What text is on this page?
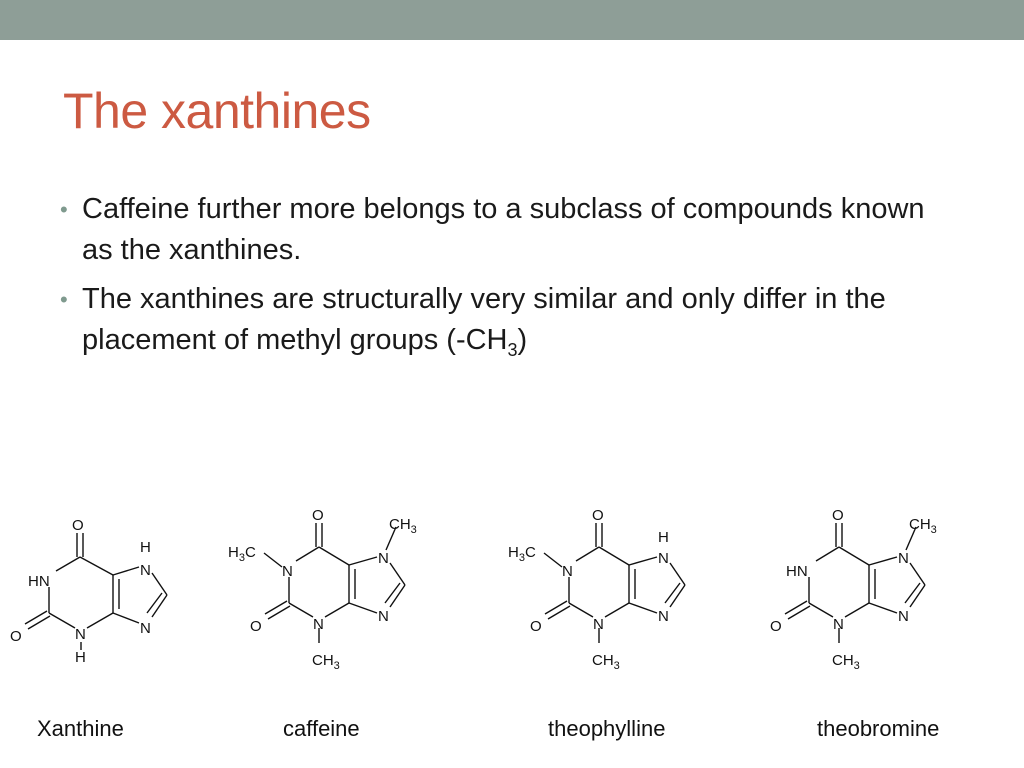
The xanthines
• Caffeine further more belongs to a subclass of compounds known as the xanthines.
• The xanthines are structurally very similar and only differ in the placement of methyl groups $(-CH_3)$
O
HN
O	N
H
H
N
N
O
N
O	N
N
N
$H_3C$
$CH_3$
$CH_3$
O
N
O	N
H
N
N
$H_3C$
$CH_3$
O
HN
O	N
N
N
$CH_3$
$CH_3$
Xanthine	caffeine	theophylline	theobromine
